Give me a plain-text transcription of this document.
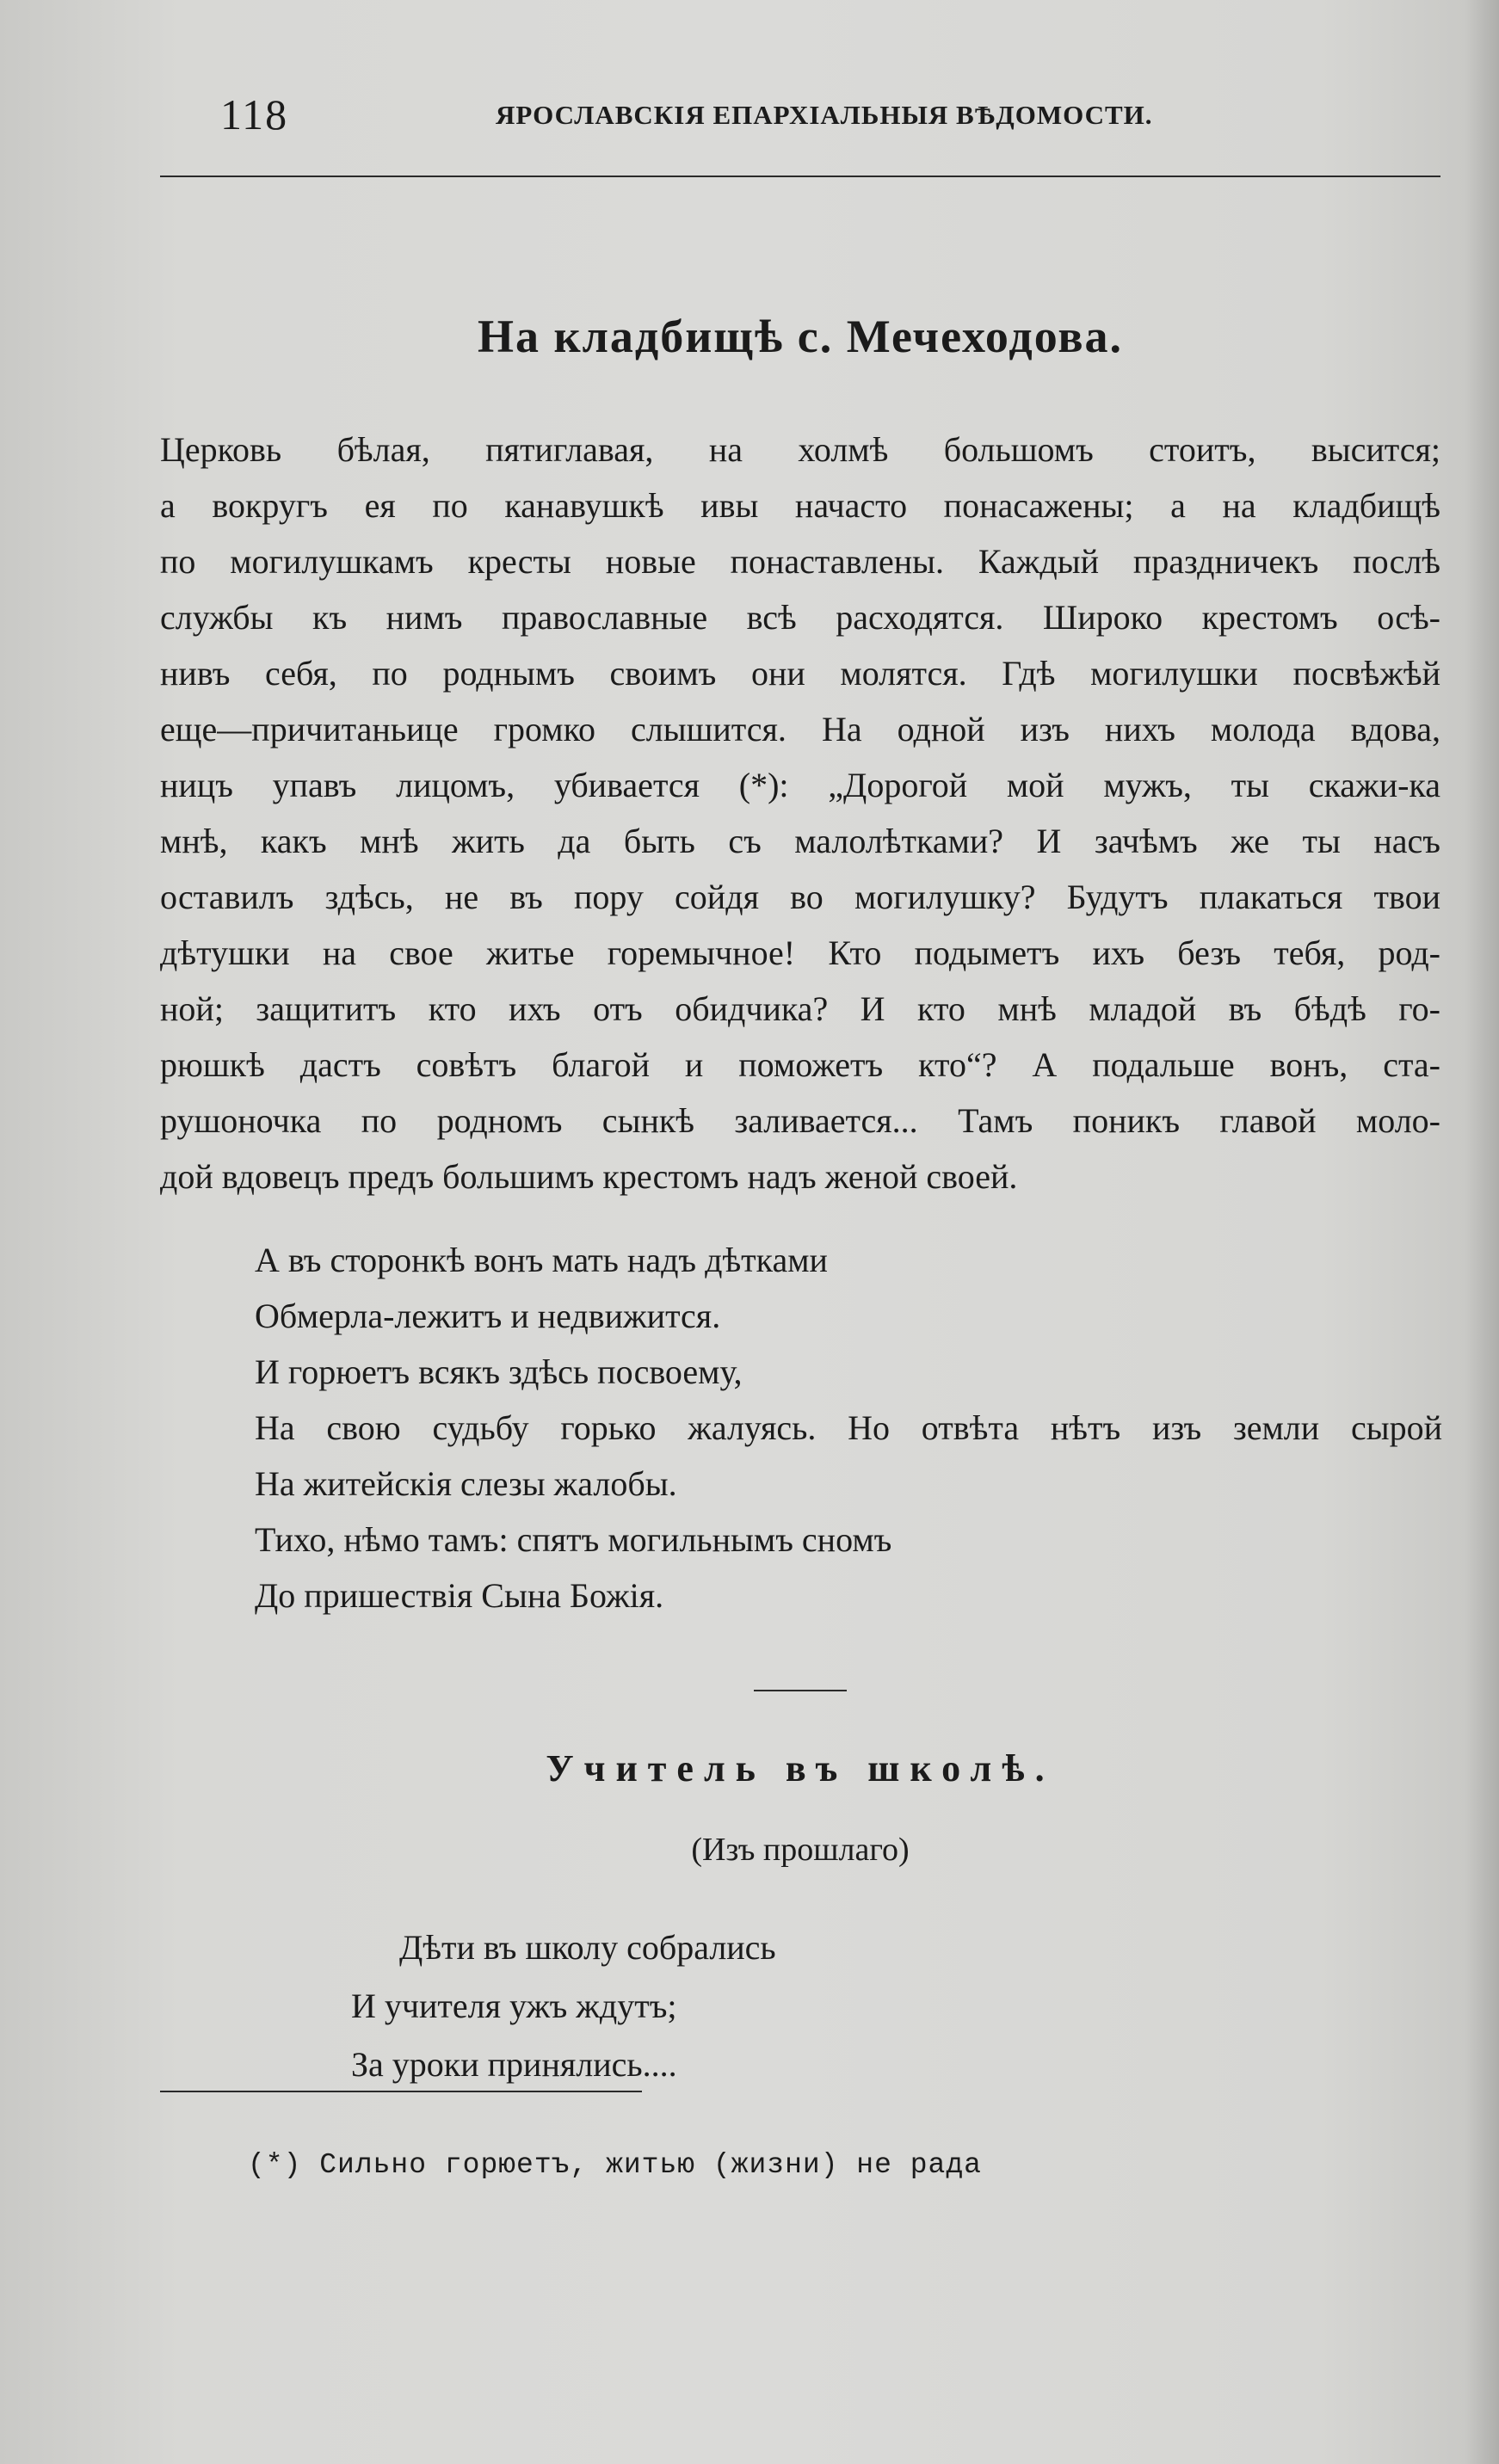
118	ЯРОСЛАВСКІЯ ЕПАРХІАЛЬНЫЯ ВѢДОМОСТИ.
На кладбищѣ с. Мечеходова.
Церковь бѣлая, пятиглавая, на холмѣ большомъ стоитъ, высится;
а вокругъ ея по канавушкѣ ивы начасто понасажены; а на кладбищѣ
по могилушкамъ кресты новые понаставлены. Каждый праздничекъ послѣ
службы къ нимъ православные всѣ расходятся. Широко крестомъ осѣ-
нивъ себя, по роднымъ своимъ они молятся. Гдѣ могилушки посвѣжѣй
еще—причитаньице громко слышится. На одной изъ нихъ молода вдова,
ницъ упавъ лицомъ, убивается (*): „Дорогой мой мужъ, ты скажи-ка
мнѣ, какъ мнѣ жить да быть съ малолѣтками? И зачѣмъ же ты насъ
оставилъ здѣсь, не въ пору сойдя во могилушку? Будутъ плакаться твои
дѣтушки на свое житье горемычное! Кто подыметъ ихъ безъ тебя, род-
ной; защититъ кто ихъ отъ обидчика? И кто мнѣ младой въ бѣдѣ го-
рюшкѣ дастъ совѣтъ благой и поможетъ кто“? А подальше вонъ, ста-
рушоночка по родномъ сынкѣ заливается... Тамъ поникъ главой моло-
дой вдовецъ предъ большимъ крестомъ надъ женой своей.
А въ сторонкѣ вонъ мать надъ дѣтками
Обмерла-лежитъ и недвижится.
И горюетъ всякъ здѣсь посвоему,
На свою судьбу горько жалуясь. Но отвѣта нѣтъ изъ земли сырой
На житейскія слезы жалобы.
Тихо, нѣмо тамъ: спятъ могильнымъ сномъ
До пришествія Сына Божія.
Учитель въ школѣ.
(Изъ прошлаго)
Дѣти въ школу собрались
И учителя ужъ ждутъ;
За уроки принялись....
(*) Сильно горюетъ, житью (жизни) не рада
